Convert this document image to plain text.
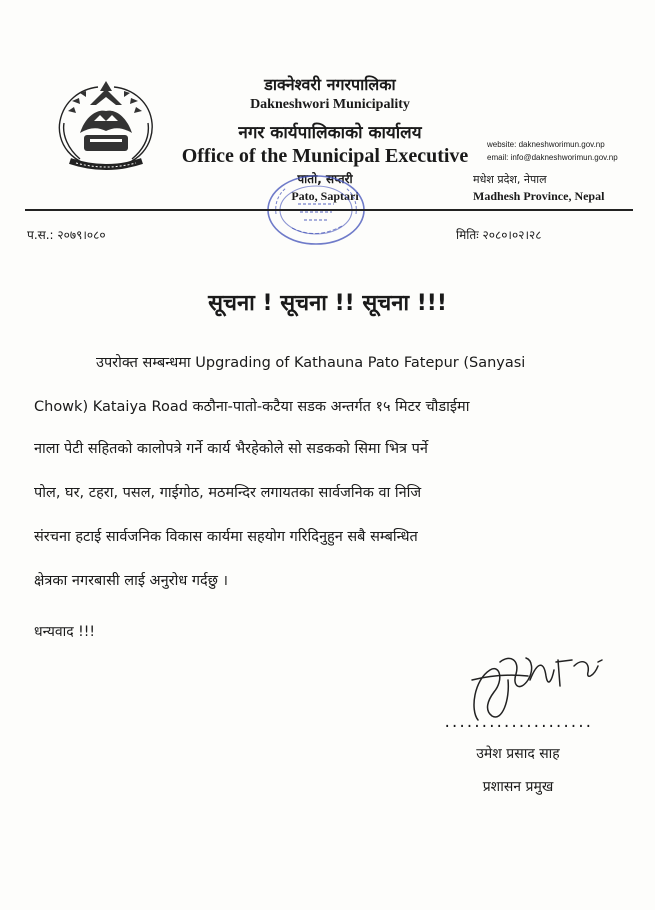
डाक्नेश्वरी नगरपालिका
Dakneshwori Municipality
नगर कार्यपालिकाको कार्यालय
Office of the Municipal Executive
पातो, सप्तरी
Pato, Saptari
website: dakneshworimun.gov.np
email: info@dakneshworimun.gov.np
मधेश प्रदेश, नेपाल
Madhesh Province, Nepal
प.स.: २०७९।०८०	मितिः २०८०।०२।२८
सूचना ! सूचना !! सूचना !!!
उपरोक्त सम्बन्धमा Upgrading of Kathauna Pato Fatepur (Sanyasi
Chowk) Kataiya Road कठौना-पातो-कटैया सडक अन्तर्गत १५ मिटर चौडाईमा
नाला पेटी सहितको कालोपत्रे गर्ने कार्य भैरहेकोले सो सडकको सिमा भित्र पर्ने
पोल, घर, टहरा, पसल, गाईगोठ, मठमन्दिर लगायतका सार्वजनिक वा निजि
संरचना हटाई सार्वजनिक विकास कार्यमा सहयोग गरिदिनुहुन सबै सम्बन्धित
क्षेत्रका नगरबासी लाई अनुरोध गर्दछु ।
धन्यवाद !!!
....................
उमेश प्रसाद साह
प्रशासन प्रमुख
